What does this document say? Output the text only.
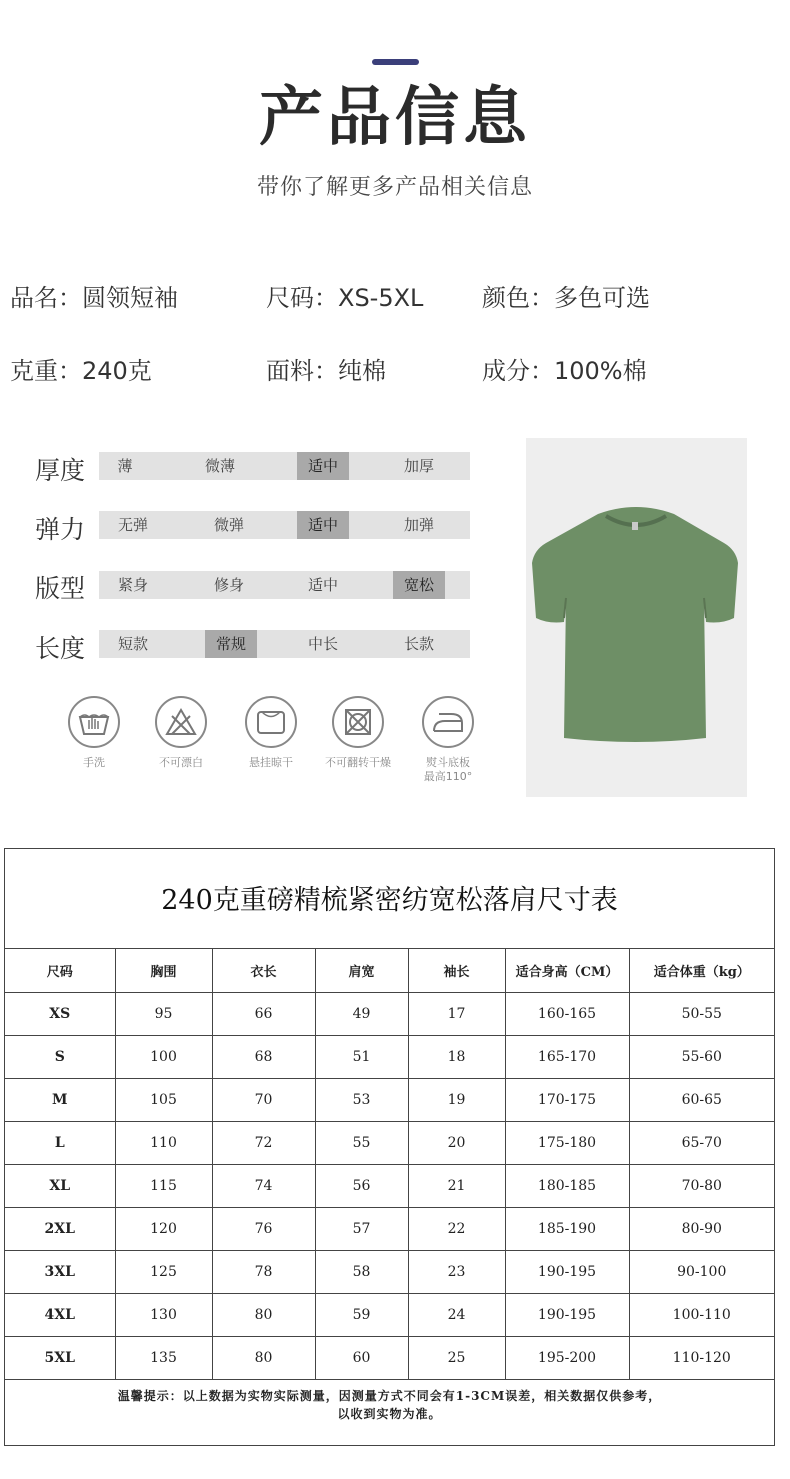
产品信息
带你了解更多产品相关信息
品名：圆领短袖	尺码：XS-5XL 颜色：多色可选
克重：240克	面料：纯棉	成分：100%棉
厚度	薄	微薄	适中	加厚
弹力	无弹	微弹	适中	加弹
版型	紧身	修身	适中	宽松
长度	短款	常规	中长	长款
手洗	不可漂白	悬挂晾干	不可翻转干燥	熨斗底板
最高110°
240克重磅精梳紧密纺宽松落肩尺寸表
尺码	胸围	衣长	肩宽	袖长	适合身高（CM）	适合体重（kg）
XS	95	66	49	17	160-165	50-55
S	100	68	51	18	165-170	55-60
M	105	70	53	19	170-175	60-65
L	110	72	55	20	175-180	65-70
XL	115	74	56	21	180-185	70-80
2XL	120	76	57	22	185-190	80-90
3XL	125	78	58	23	190-195	90-100
4XL	130	80	59	24	190-195	100-110
5XL	135	80	60	25	195-200	110-120
温馨提示：以上数据为实物实际测量，因测量方式不同会有1-3CM误差，相关数据仅供参考，
以收到实物为准。
